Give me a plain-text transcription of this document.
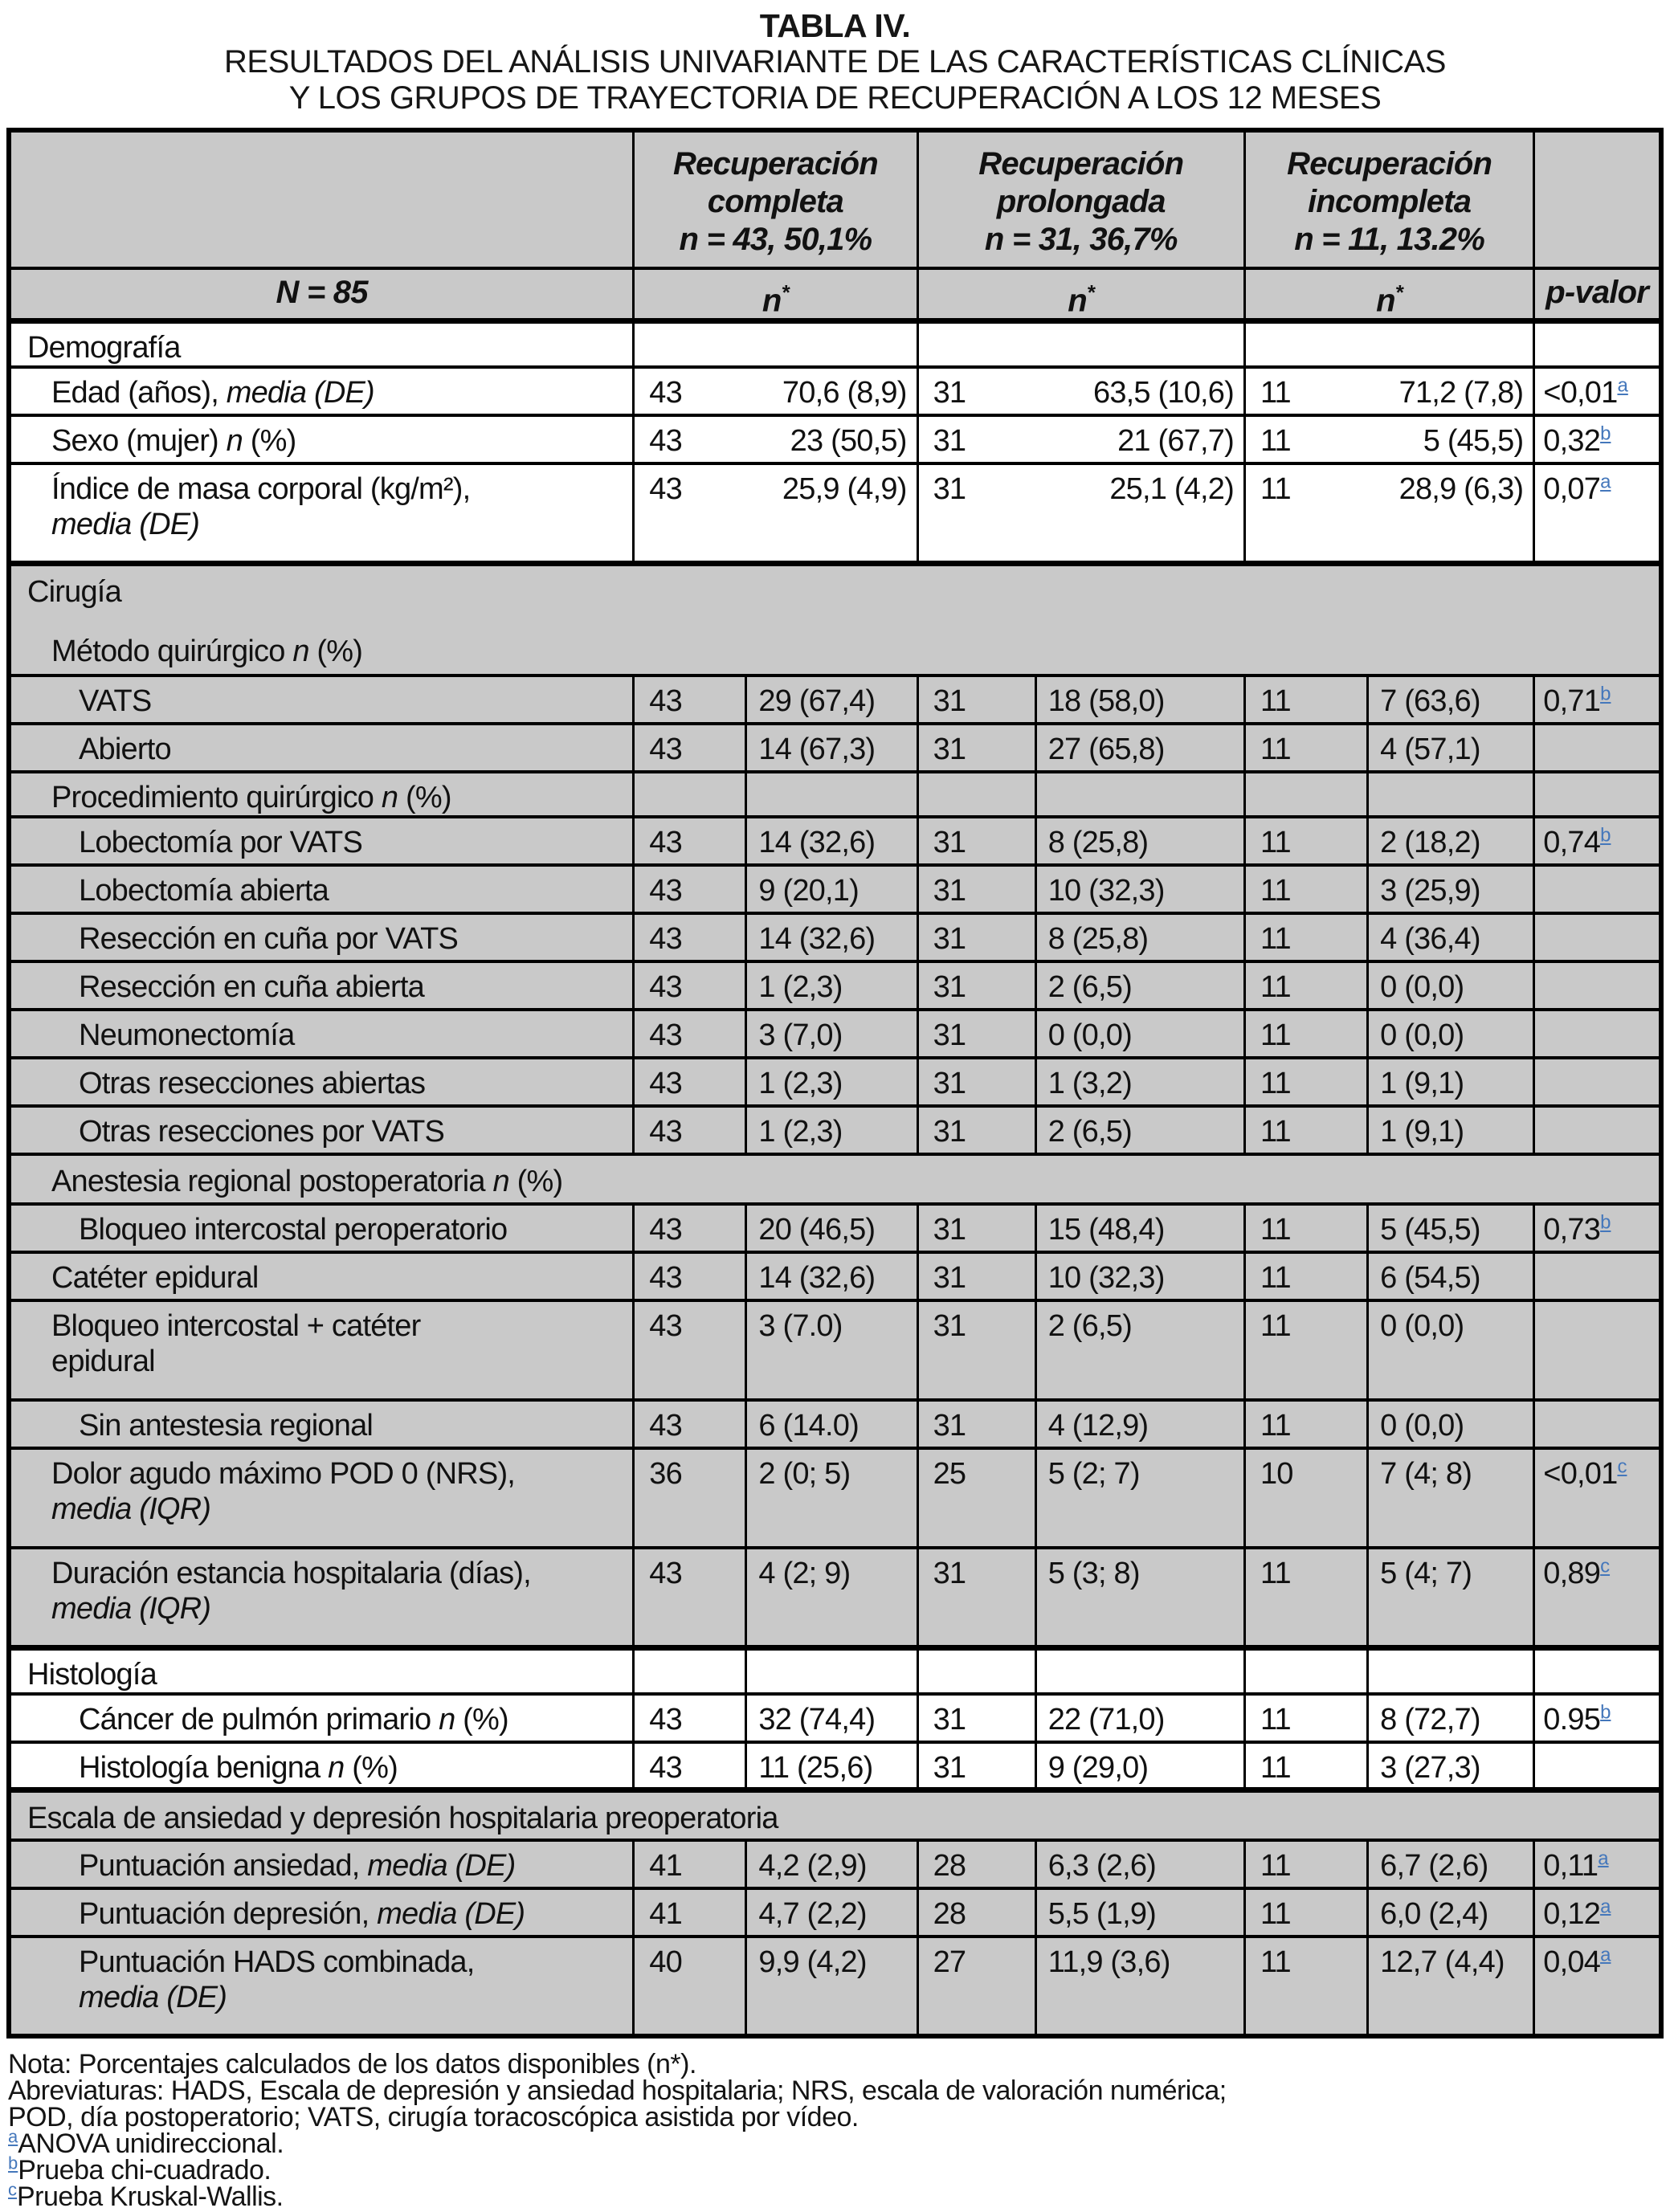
TABLA IV.
RESULTADOS DEL ANÁLISIS UNIVARIANTE DE LAS CARACTERÍSTICAS CLÍNICAS
Y LOS GRUPOS DE TRAYECTORIA DE RECUPERACIÓN A LOS 12 MESES

Recuperación
completa
n = 43, 50,1%

Recuperación
prolongada
n = 31, 36,7%

Recuperación
incompleta
n = 11, 13.2%

N = 85	n*		n*		n*		p-valor
Demografía							
Edad (años), media (DE)	43 70,6 (8,9)		31 63,5 (10,6)		11 71,2 (7,8)		<0,01$^a$
Sexo (mujer) n (%)	43 23 (50,5)		31 21 (67,7)		11 5 (45,5)		0,32$^b$
Índice de masa corporal (kg/m²),
media (DE)	43 25,9 (4,9)		31 25,1 (4,2)		11 28,9 (6,3)		0,07$^a$

Cirugía
Método quirúrgico n (%)							

VATS	43	29 (67,4)	31	18 (58,0)	11	7 (63,6)	0,71$^b$
Abierto	43	14 (67,3)	31	27 (65,8)	11	4 (57,1)	
Procedimiento quirúrgico n (%)							
Lobectomía por VATS	43	14 (32,6)	31	8 (25,8)	11	2 (18,2)	0,74$^b$
Lobectomía abierta	43	9 (20,1)	31	10 (32,3)	11	3 (25,9)	
Resección en cuña por VATS	43	14 (32,6)	31	8 (25,8)	11	4 (36,4)	
Resección en cuña abierta	43	1 (2,3)	31	2 (6,5)	11	0 (0,0)	
Neumonectomía	43	3 (7,0)	31	0 (0,0)	11	0 (0,0)	
Otras resecciones abiertas	43	1 (2,3)	31	1 (3,2)	11	1 (9,1)	
Otras resecciones por VATS	43	1 (2,3)	31	2 (6,5)	11	1 (9,1)	

Anestesia regional postoperatoria n (%)							

Bloqueo intercostal peroperatorio	43	20 (46,5)	31	15 (48,4)	11	5 (45,5)	0,73$^b$
Catéter epidural	43	14 (32,6)	31	10 (32,3)	11	6 (54,5)	
Bloqueo intercostal + catéter
epidural	43	3 (7.0)	31	2 (6,5)	11	0 (0,0)	
Sin antestesia regional	43	6 (14.0)	31	4 (12,9)	11	0 (0,0)	
Dolor agudo máximo POD 0 (NRS),
media (IQR)	36	2 (0; 5)	25	5 (2; 7)	10	7 (4; 8)	<0,01$^c$
Duración estancia hospitalaria (días),
media (IQR)	43	4 (2; 9)	31	5 (3; 8)	11	5 (4; 7)	0,89$^c$
Histología							
Cáncer de pulmón primario n (%)	43	32 (74,4)	31	22 (71,0)	11	8 (72,7)	0.95$^b$
Histología benigna n (%)	43	11 (25,6)	31	9 (29,0)	11	3 (27,3)	

Escala de ansiedad y depresión hospitalaria preoperatoria							

Puntuación ansiedad, media (DE)	41	4,2 (2,9)	28	6,3 (2,6)	11	6,7 (2,6)	0,11$^a$
Puntuación depresión, media (DE)	41	4,7 (2,2)	28	5,5 (1,9)	11	6,0 (2,4)	0,12$^a$
Puntuación HADS combinada,
media (DE)	40	9,9 (4,2)	27	11,9 (3,6)	11	12,7 (4,4)	0,04$^a$
Nota: Porcentajes calculados de los datos disponibles (n*).
Abreviaturas: HADS, Escala de depresión y ansiedad hospitalaria; NRS, escala de valoración numérica;
POD, día postoperatorio; VATS, cirugía toracoscópica asistida por vídeo.
$^a$ANOVA unidireccional.
$^b$Prueba chi-cuadrado.
$^c$Prueba Kruskal-Wallis.
